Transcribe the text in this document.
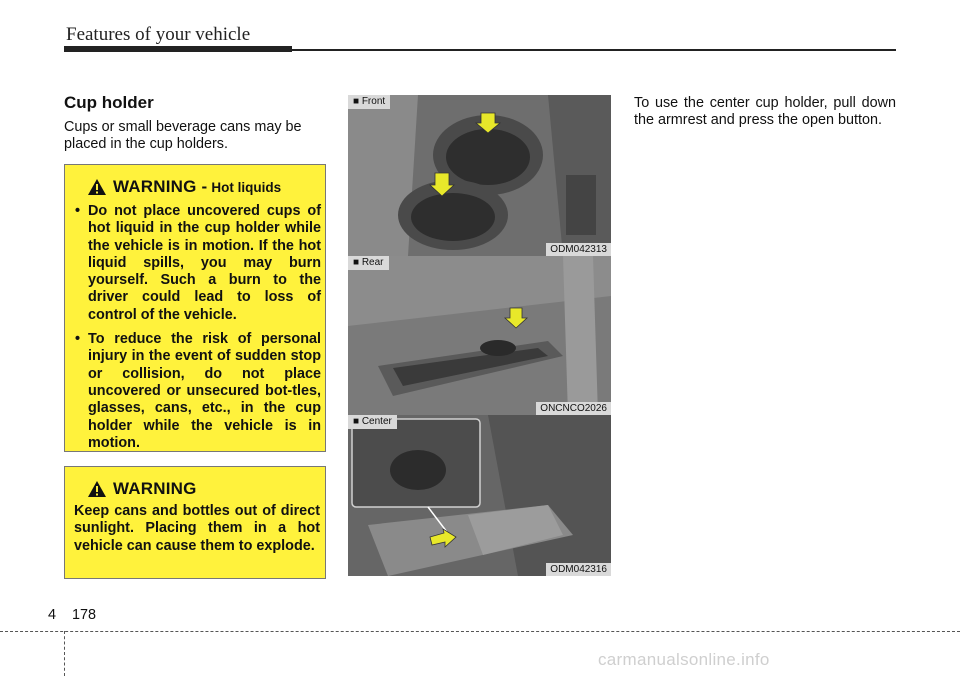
Features of your vehicle
Cup holder
Cups or small beverage cans may be placed in the cup holders.
WARNING - Hot liquids
• Do not place uncovered cups of hot liquid in the cup holder while the vehicle is in motion. If the hot liquid spills, you may burn yourself. Such a burn to the driver could lead to loss of control of the vehicle.
• To reduce the risk of personal injury in the event of sudden stop or collision, do not place uncovered or unsecured bot-tles, glasses, cans, etc., in the cup holder while the vehicle is in motion.
WARNING
Keep cans and bottles out of direct sunlight. Placing them in a hot vehicle can cause them to explode.
■ Front
ODM042313
■ Rear
ONCNCO2026
■ Center
ODM042316
To use the center cup holder, pull down the armrest and press the open button.
4 178
carmanualsonline.info
